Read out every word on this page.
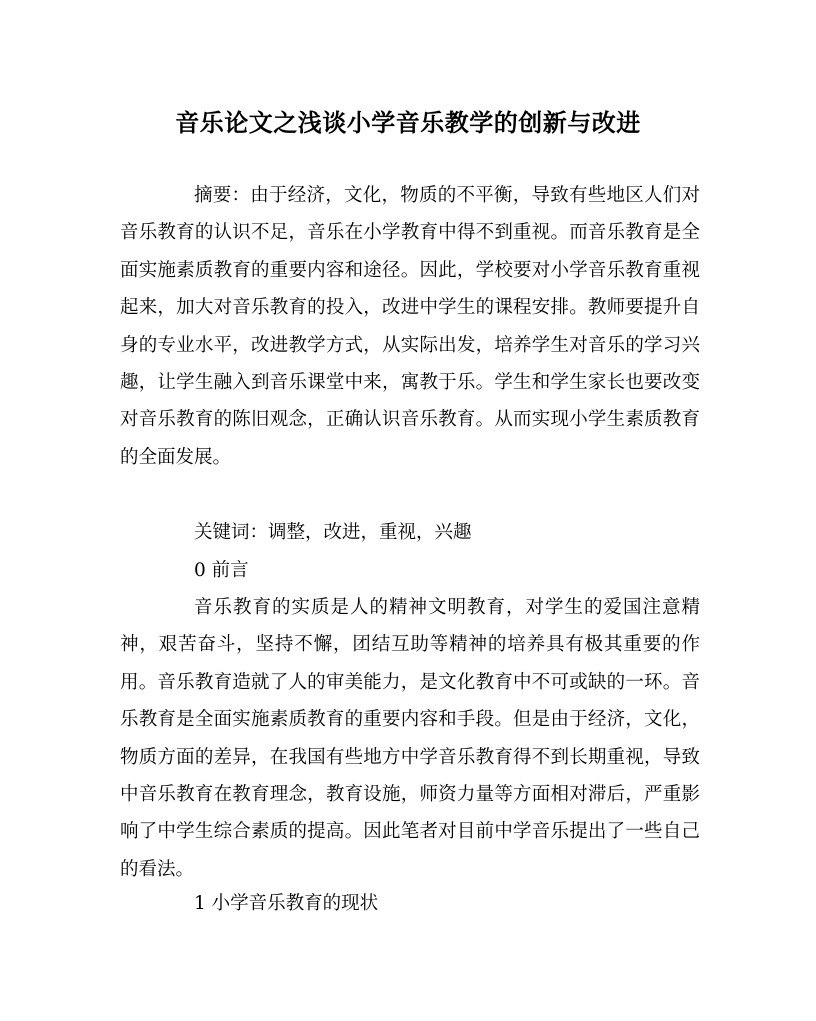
音乐论文之浅谈小学音乐教学的创新与改进
摘要：由于经济，文化，物质的不平衡，导致有些地区人们对音乐教育的认识不足，音乐在小学教育中得不到重视。而音乐教育是全面实施素质教育的重要内容和途径。因此，学校要对小学音乐教育重视起来，加大对音乐教育的投入，改进中学生的课程安排。教师要提升自身的专业水平，改进教学方式，从实际出发，培养学生对音乐的学习兴趣，让学生融入到音乐课堂中来，寓教于乐。学生和学生家长也要改变对音乐教育的陈旧观念，正确认识音乐教育。从而实现小学生素质教育的全面发展。
关键词：调整，改进，重视，兴趣
0 前言
音乐教育的实质是人的精神文明教育，对学生的爱国注意精神，艰苦奋斗，坚持不懈，团结互助等精神的培养具有极其重要的作用。音乐教育造就了人的审美能力，是文化教育中不可或缺的一环。音乐教育是全面实施素质教育的重要内容和手段。但是由于经济，文化，物质方面的差异，在我国有些地方中学音乐教育得不到长期重视，导致中音乐教育在教育理念，教育设施，师资力量等方面相对滞后，严重影响了中学生综合素质的提高。因此笔者对目前中学音乐提出了一些自己的看法。
1 小学音乐教育的现状
